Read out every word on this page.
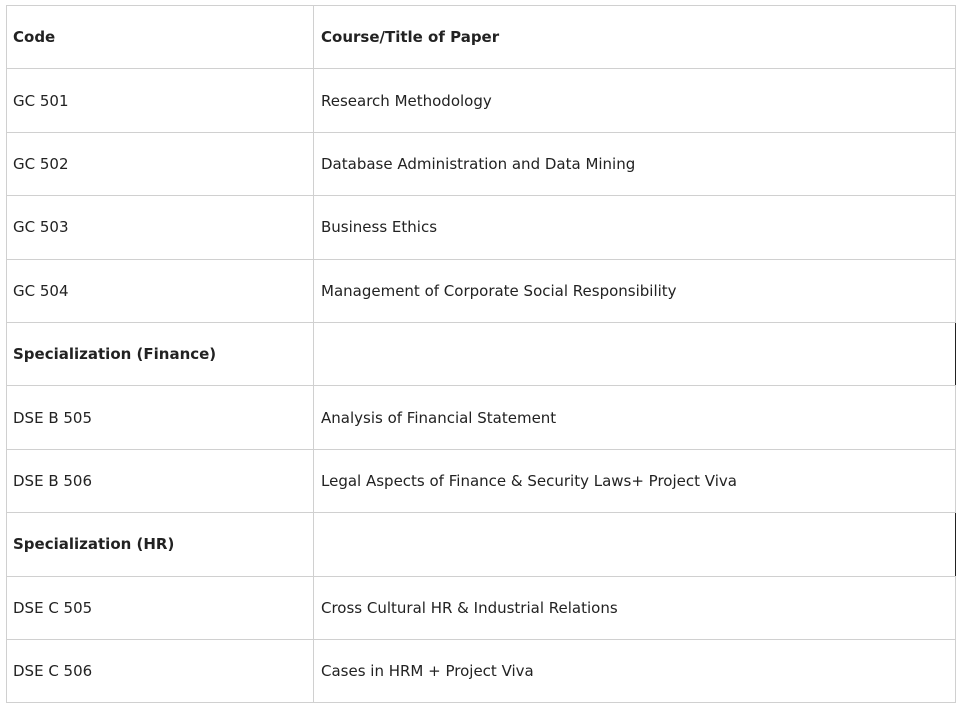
Code	Course/Title of Paper
GC 501	Research Methodology
GC 502	Database Administration and Data Mining
GC 503	Business Ethics
GC 504	Management of Corporate Social Responsibility
Specialization (Finance)	
DSE B 505	Analysis of Financial Statement
DSE B 506	Legal Aspects of Finance & Security Laws+ Project Viva
Specialization (HR)	
DSE C 505	Cross Cultural HR & Industrial Relations
DSE C 506	Cases in HRM + Project Viva
